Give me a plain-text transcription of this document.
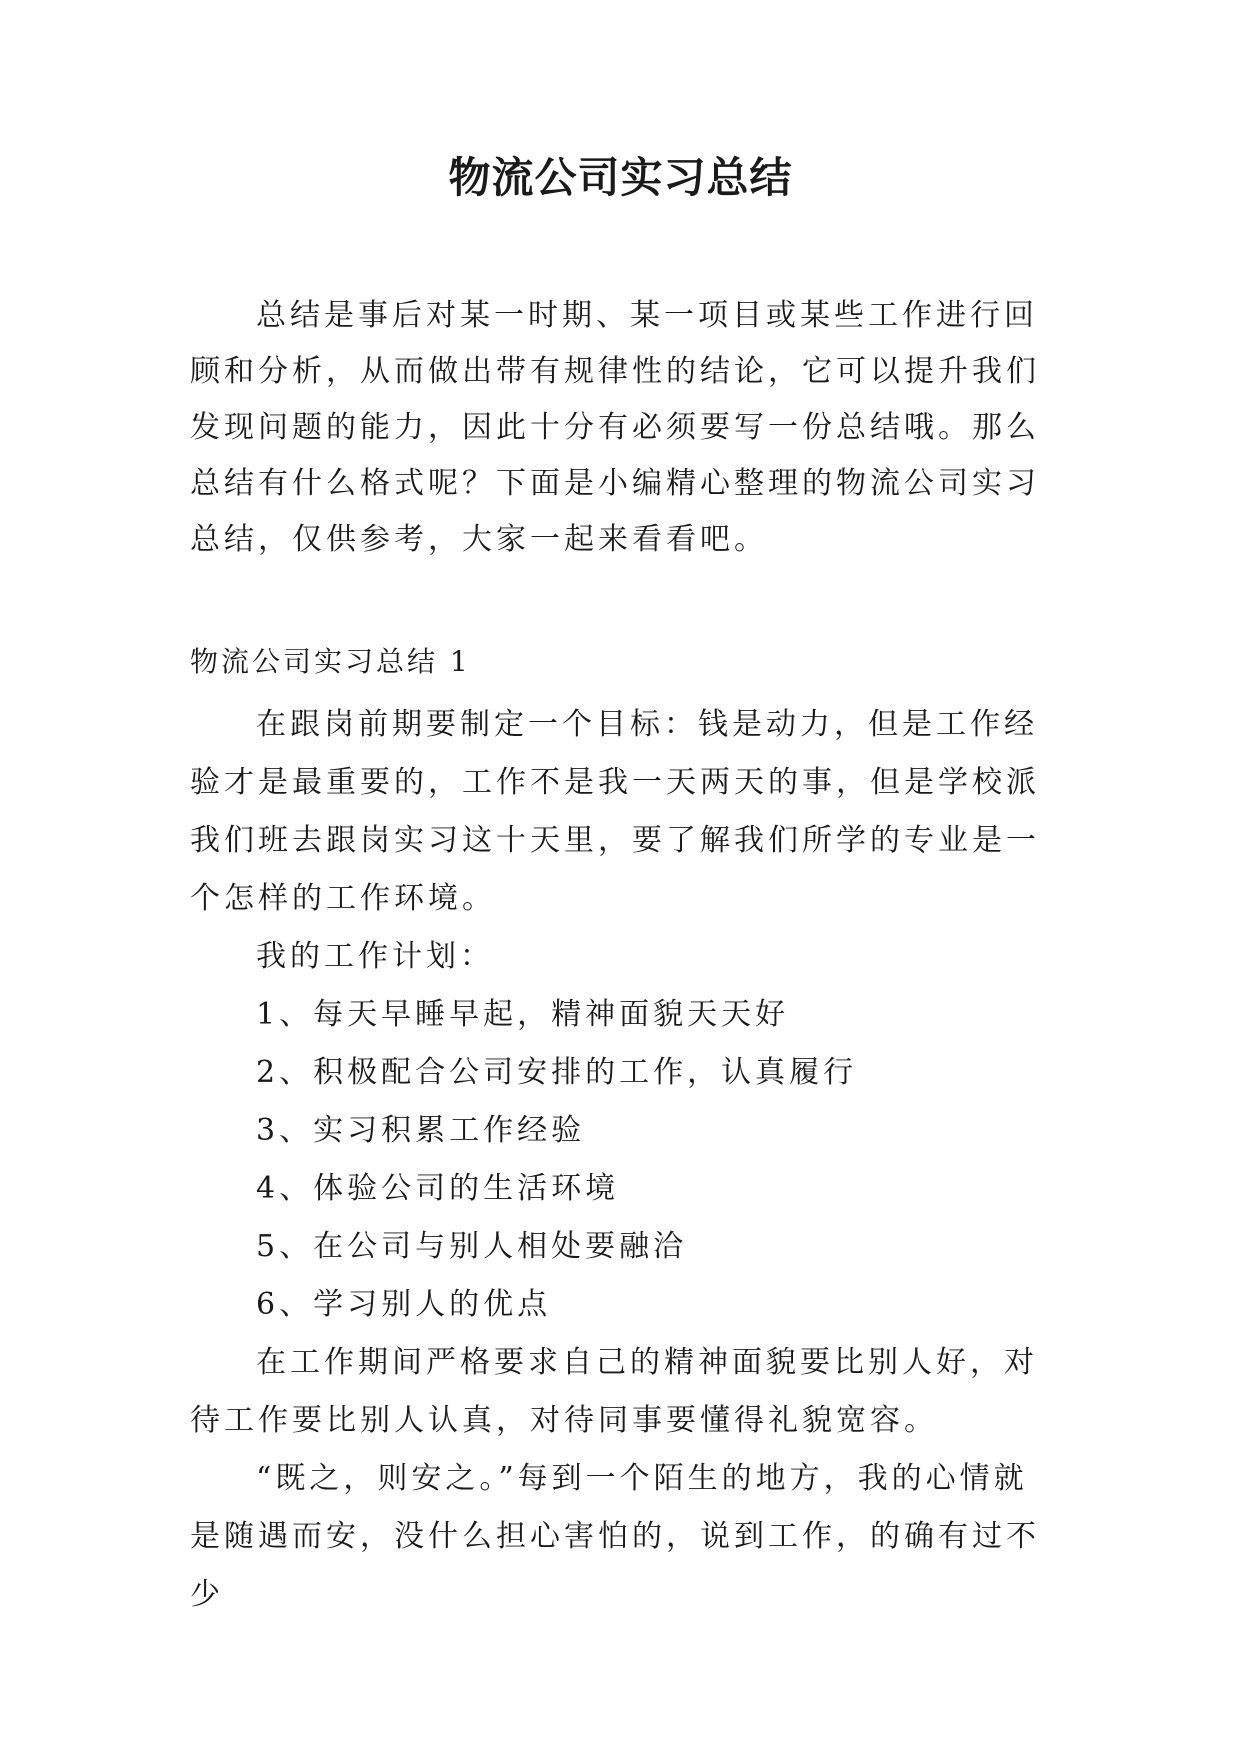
物流公司实习总结

总结是事后对某一时期、某一项目或某些工作进行回顾和分析，从而做出带有规律性的结论，它可以提升我们发现问题的能力，因此十分有必须要写一份总结哦。那么总结有什么格式呢？下面是小编精心整理的物流公司实习总结，仅供参考，大家一起来看看吧。

物流公司实习总结 1

在跟岗前期要制定一个目标：钱是动力，但是工作经验才是最重要的，工作不是我一天两天的事，但是学校派我们班去跟岗实习这十天里，要了解我们所学的专业是一个怎样的工作环境。

我的工作计划：

1、每天早睡早起，精神面貌天天好

2、积极配合公司安排的工作，认真履行

3、实习积累工作经验

4、体验公司的生活环境

5、在公司与别人相处要融洽

6、学习别人的优点

在工作期间严格要求自己的精神面貌要比别人好，对待工作要比别人认真，对待同事要懂得礼貌宽容。

“既之，则安之。”每到一个陌生的地方，我的心情就是随遇而安，没什么担心害怕的，说到工作，的确有过不少
